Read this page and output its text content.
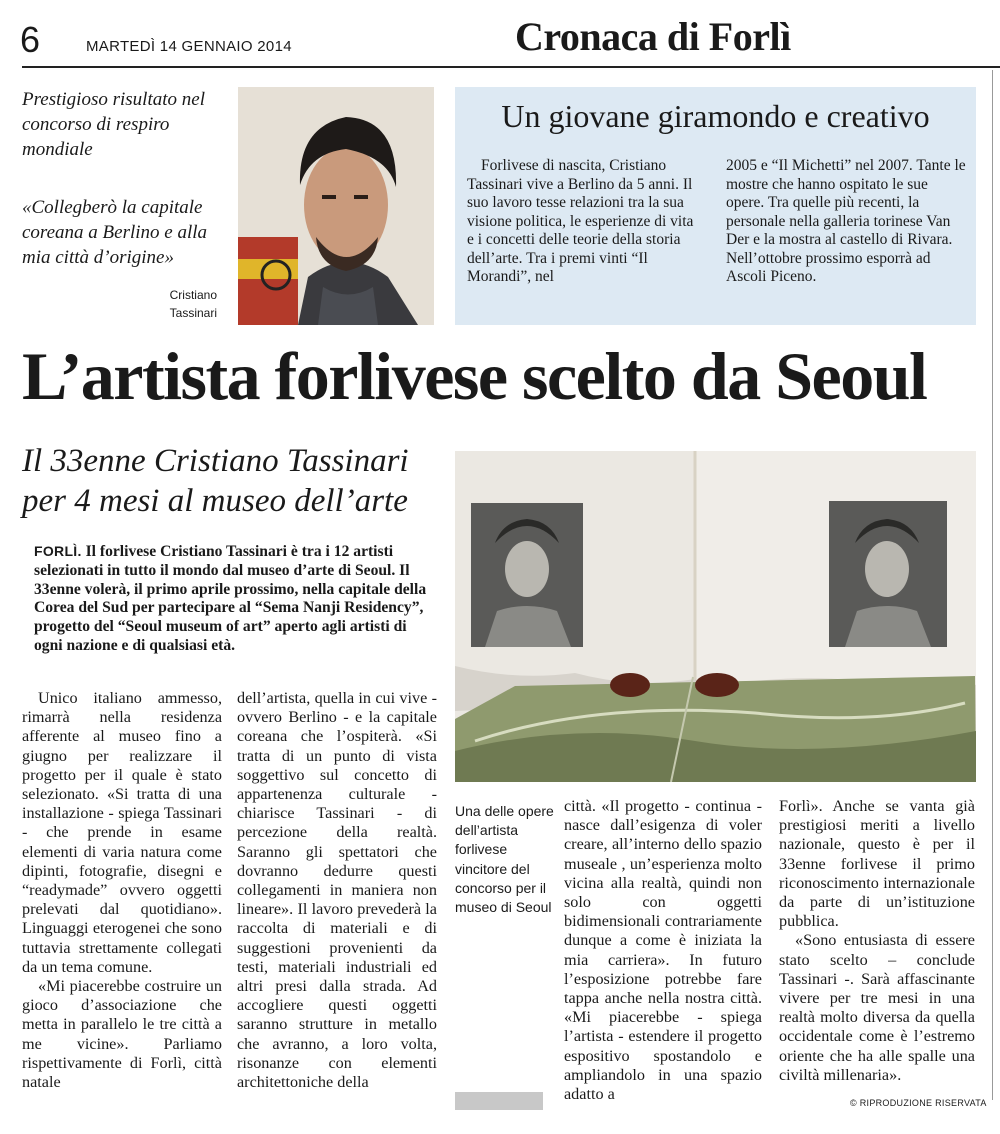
6	MARTEDÌ 14 GENNAIO 2014	Cronaca di Forlì
Prestigioso risultato nel concorso di respiro mondiale
«Collegberò la capitale coreana a Berlino e alla mia città d’origine»
Cristiano
Tassinari
Un giovane giramondo e creativo
Forlivese di nascita, Cristiano Tassinari vive a Berlino da 5 anni. Il suo lavoro tesse relazioni tra la sua visione politica, le esperienze di vita e i concetti delle teorie della storia dell’arte. Tra i premi vinti “Il Morandi”, nel
2005 e “Il Michetti” nel 2007. Tante le mostre che hanno ospitato le sue opere. Tra quelle più recenti, la personale nella galleria torinese Van Der e la mostra al castello di Rivara. Nell’ottobre prossimo esporrà ad Ascoli Piceno.
L’artista forlivese scelto da Seoul
Il 33enne Cristiano Tassinari
per 4 mesi al museo dell’arte
FORLÌ. Il forlivese Cristiano Tassinari è tra i 12 artisti selezionati in tutto il mondo dal museo d’arte di Seoul. Il 33enne volerà, il primo aprile prossimo, nella capitale della Corea del Sud per partecipare al “Sema Nanji Residency”, progetto del “Seoul museum of art” aperto agli artisti di ogni nazione e di qualsiasi età.
Una delle opere dell’artista forlivese vincitore del concorso per il museo di Seoul

Unico italiano ammesso, rimarrà nella residenza afferente al museo fino a giugno per realizzare il progetto per il quale è stato selezionato. «Si tratta di una installazione - spiega Tassinari - che prende in esame elementi di varia natura come dipinti, fotografie, disegni e “readymade” ovvero oggetti prelevati dal quotidiano». Linguaggi eterogenei che sono tuttavia strettamente collegati da un tema comune.

«Mi piacerebbe costruire un gioco d’associazione che metta in parallelo le tre città a me vicine». Parliamo rispettivamente di Forlì, città natale

dell’artista, quella in cui vive - ovvero Berlino - e la capitale coreana che l’ospiterà. «Si tratta di un punto di vista soggettivo sul concetto di appartenenza culturale - chiarisce Tassinari - di percezione della realtà. Saranno gli spettatori che dovranno dedurre questi collegamenti in maniera non lineare». Il lavoro prevederà la raccolta di materiali e di suggestioni provenienti da testi, materiali industriali ed altri presi dalla strada. Ad accogliere questi oggetti saranno strutture in metallo che avranno, a loro volta, risonanze con elementi architettoniche della

città. «Il progetto - continua - nasce dall’esigenza di voler creare, all’interno dello spazio museale , un’esperienza molto vicina alla realtà, quindi non solo con oggetti bidimensionali contrariamente dunque a come è iniziata la mia carriera». In futuro l’esposizione potrebbe fare tappa anche nella nostra città. «Mi piacerebbe - spiega l’artista - estendere il progetto espositivo spostandolo e ampliandolo in una spazio adatto a

Forlì». Anche se vanta già prestigiosi meriti a livello nazionale, questo è per il 33enne forlivese il primo riconoscimento internazionale da parte di un’istituzione pubblica.

«Sono entusiasta di essere stato scelto – conclude Tassinari -. Sarà affascinante vivere per tre mesi in una realtà molto diversa da quella occidentale come è l’estremo oriente che ha alle spalle una civiltà millenaria».

© RIPRODUZIONE RISERVATA
